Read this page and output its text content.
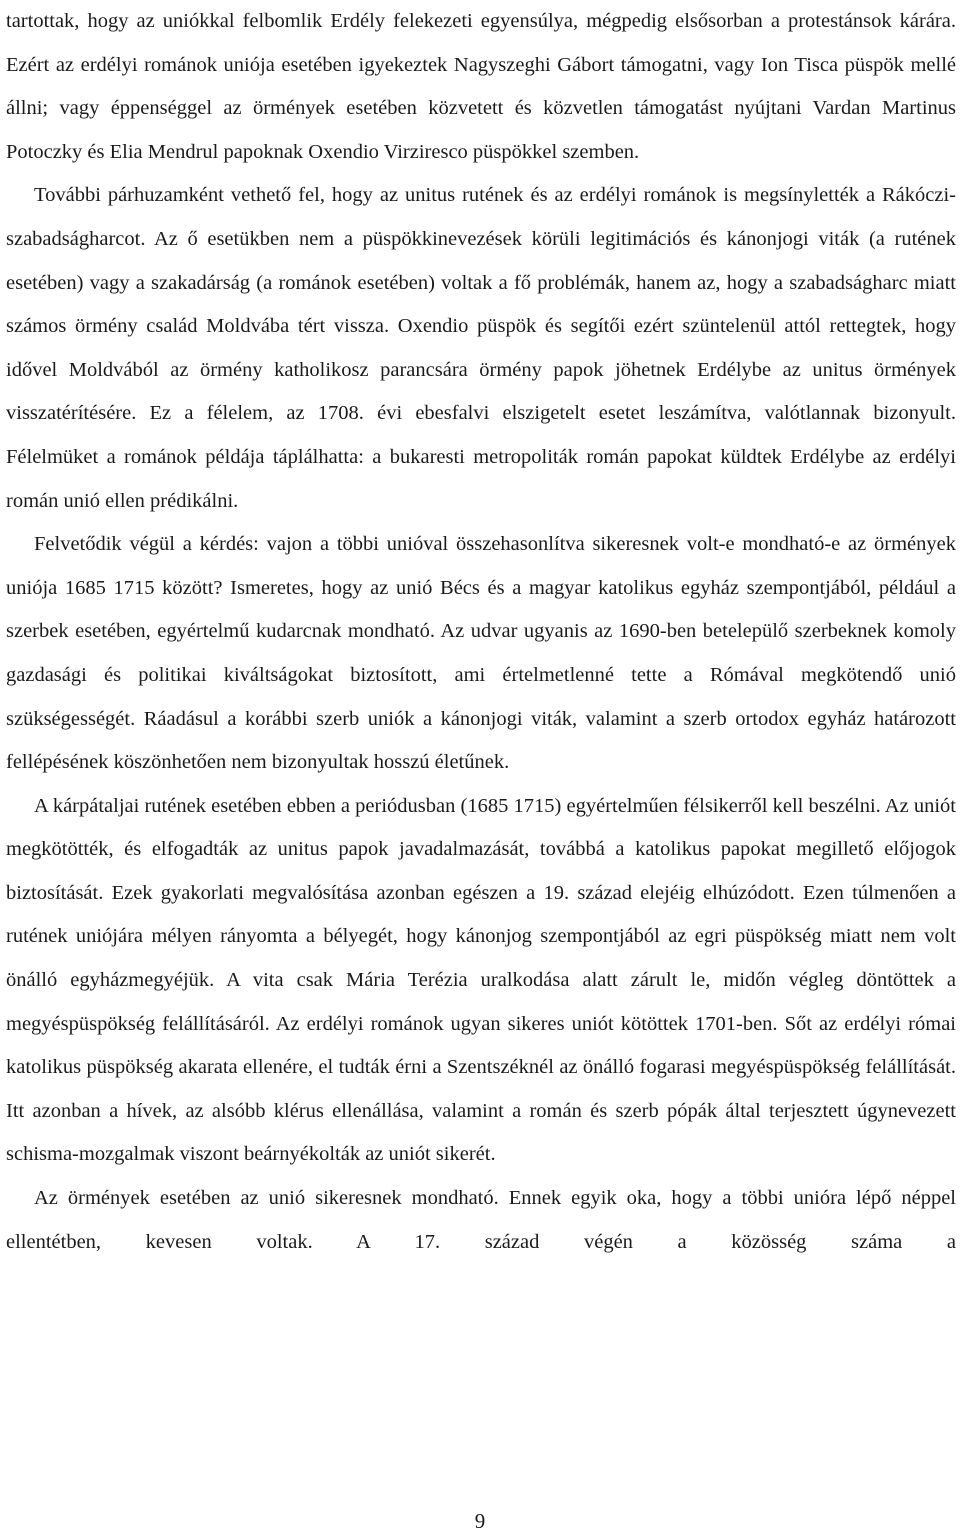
tartottak, hogy az uniókkal felbomlik Erdély felekezeti egyensúlya, mégpedig elsősorban a protestánsok kárára. Ezért az erdélyi románok uniója esetében igyekeztek Nagyszeghi Gábort támogatni, vagy Ion Tisca püspök mellé állni; vagy éppenséggel az örmények esetében közvetett és közvetlen támogatást nyújtani Vardan Martinus Potoczky és Elia Mendrul papoknak Oxendio Virziresco püspökkel szemben.

További párhuzamként vethető fel, hogy az unitus rutének és az erdélyi románok is megsínylették a Rákóczi-szabadságharcot. Az ő esetükben nem a püspökkinevezések körüli legitimációs és kánonjogi viták (a rutének esetében) vagy a szakadárság (a románok esetében) voltak a fő problémák, hanem az, hogy a szabadságharc miatt számos örmény család Moldvába tért vissza. Oxendio püspök és segítői ezért szüntelenül attól rettegtek, hogy idővel Moldvából az örmény katholikosz parancsára örmény papok jöhetnek Erdélybe az unitus örmények visszatérítésére. Ez a félelem, az 1708. évi ebesfalvi elszigetelt esetet leszámítva, valótlannak bizonyult. Félelmüket a románok példája táplálhatta: a bukaresti metropoliták román papokat küldtek Erdélybe az erdélyi román unió ellen prédikálni.

Felvetődik végül a kérdés: vajon a többi unióval összehasonlítva sikeresnek volt-e mondható-e az örmények uniója 1685 1715 között? Ismeretes, hogy az unió Bécs és a magyar katolikus egyház szempontjából, például a szerbek esetében, egyértelmű kudarcnak mondható. Az udvar ugyanis az 1690-ben betelepülő szerbeknek komoly gazdasági és politikai kiváltságokat biztosított, ami értelmetlenné tette a Rómával megkötendő unió szükségességét. Ráadásul a korábbi szerb uniók a kánonjogi viták, valamint a szerb ortodox egyház határozott fellépésének köszönhetően nem bizonyultak hosszú életűnek.

A kárpátaljai rutének esetében ebben a periódusban (1685 1715) egyértelműen félsikerről kell beszélni. Az uniót megkötötték, és elfogadták az unitus papok javadalmazását, továbbá a katolikus papokat megillető előjogok biztosítását. Ezek gyakorlati megvalósítása azonban egészen a 19. század elejéig elhúzódott. Ezen túlmenően a rutének uniójára mélyen rányomta a bélyegét, hogy kánonjog szempontjából az egri püspökség miatt nem volt önálló egyházmegyéjük. A vita csak Mária Terézia uralkodása alatt zárult le, midőn végleg döntöttek a megyéspüspökség felállításáról. Az erdélyi románok ugyan sikeres uniót kötöttek 1701-ben. Sőt az erdélyi római katolikus püspökség akarata ellenére, el tudták érni a Szentszéknél az önálló fogarasi megyéspüspökség felállítását. Itt azonban a hívek, az alsóbb klérus ellenállása, valamint a román és szerb pópák által terjesztett úgynevezett schisma-mozgalmak viszont beárnyékolták az uniót sikerét.

Az örmények esetében az unió sikeresnek mondható. Ennek egyik oka, hogy a többi unióra lépő néppel ellentétben, kevesen voltak. A 17. század végén a közösség száma a

9
